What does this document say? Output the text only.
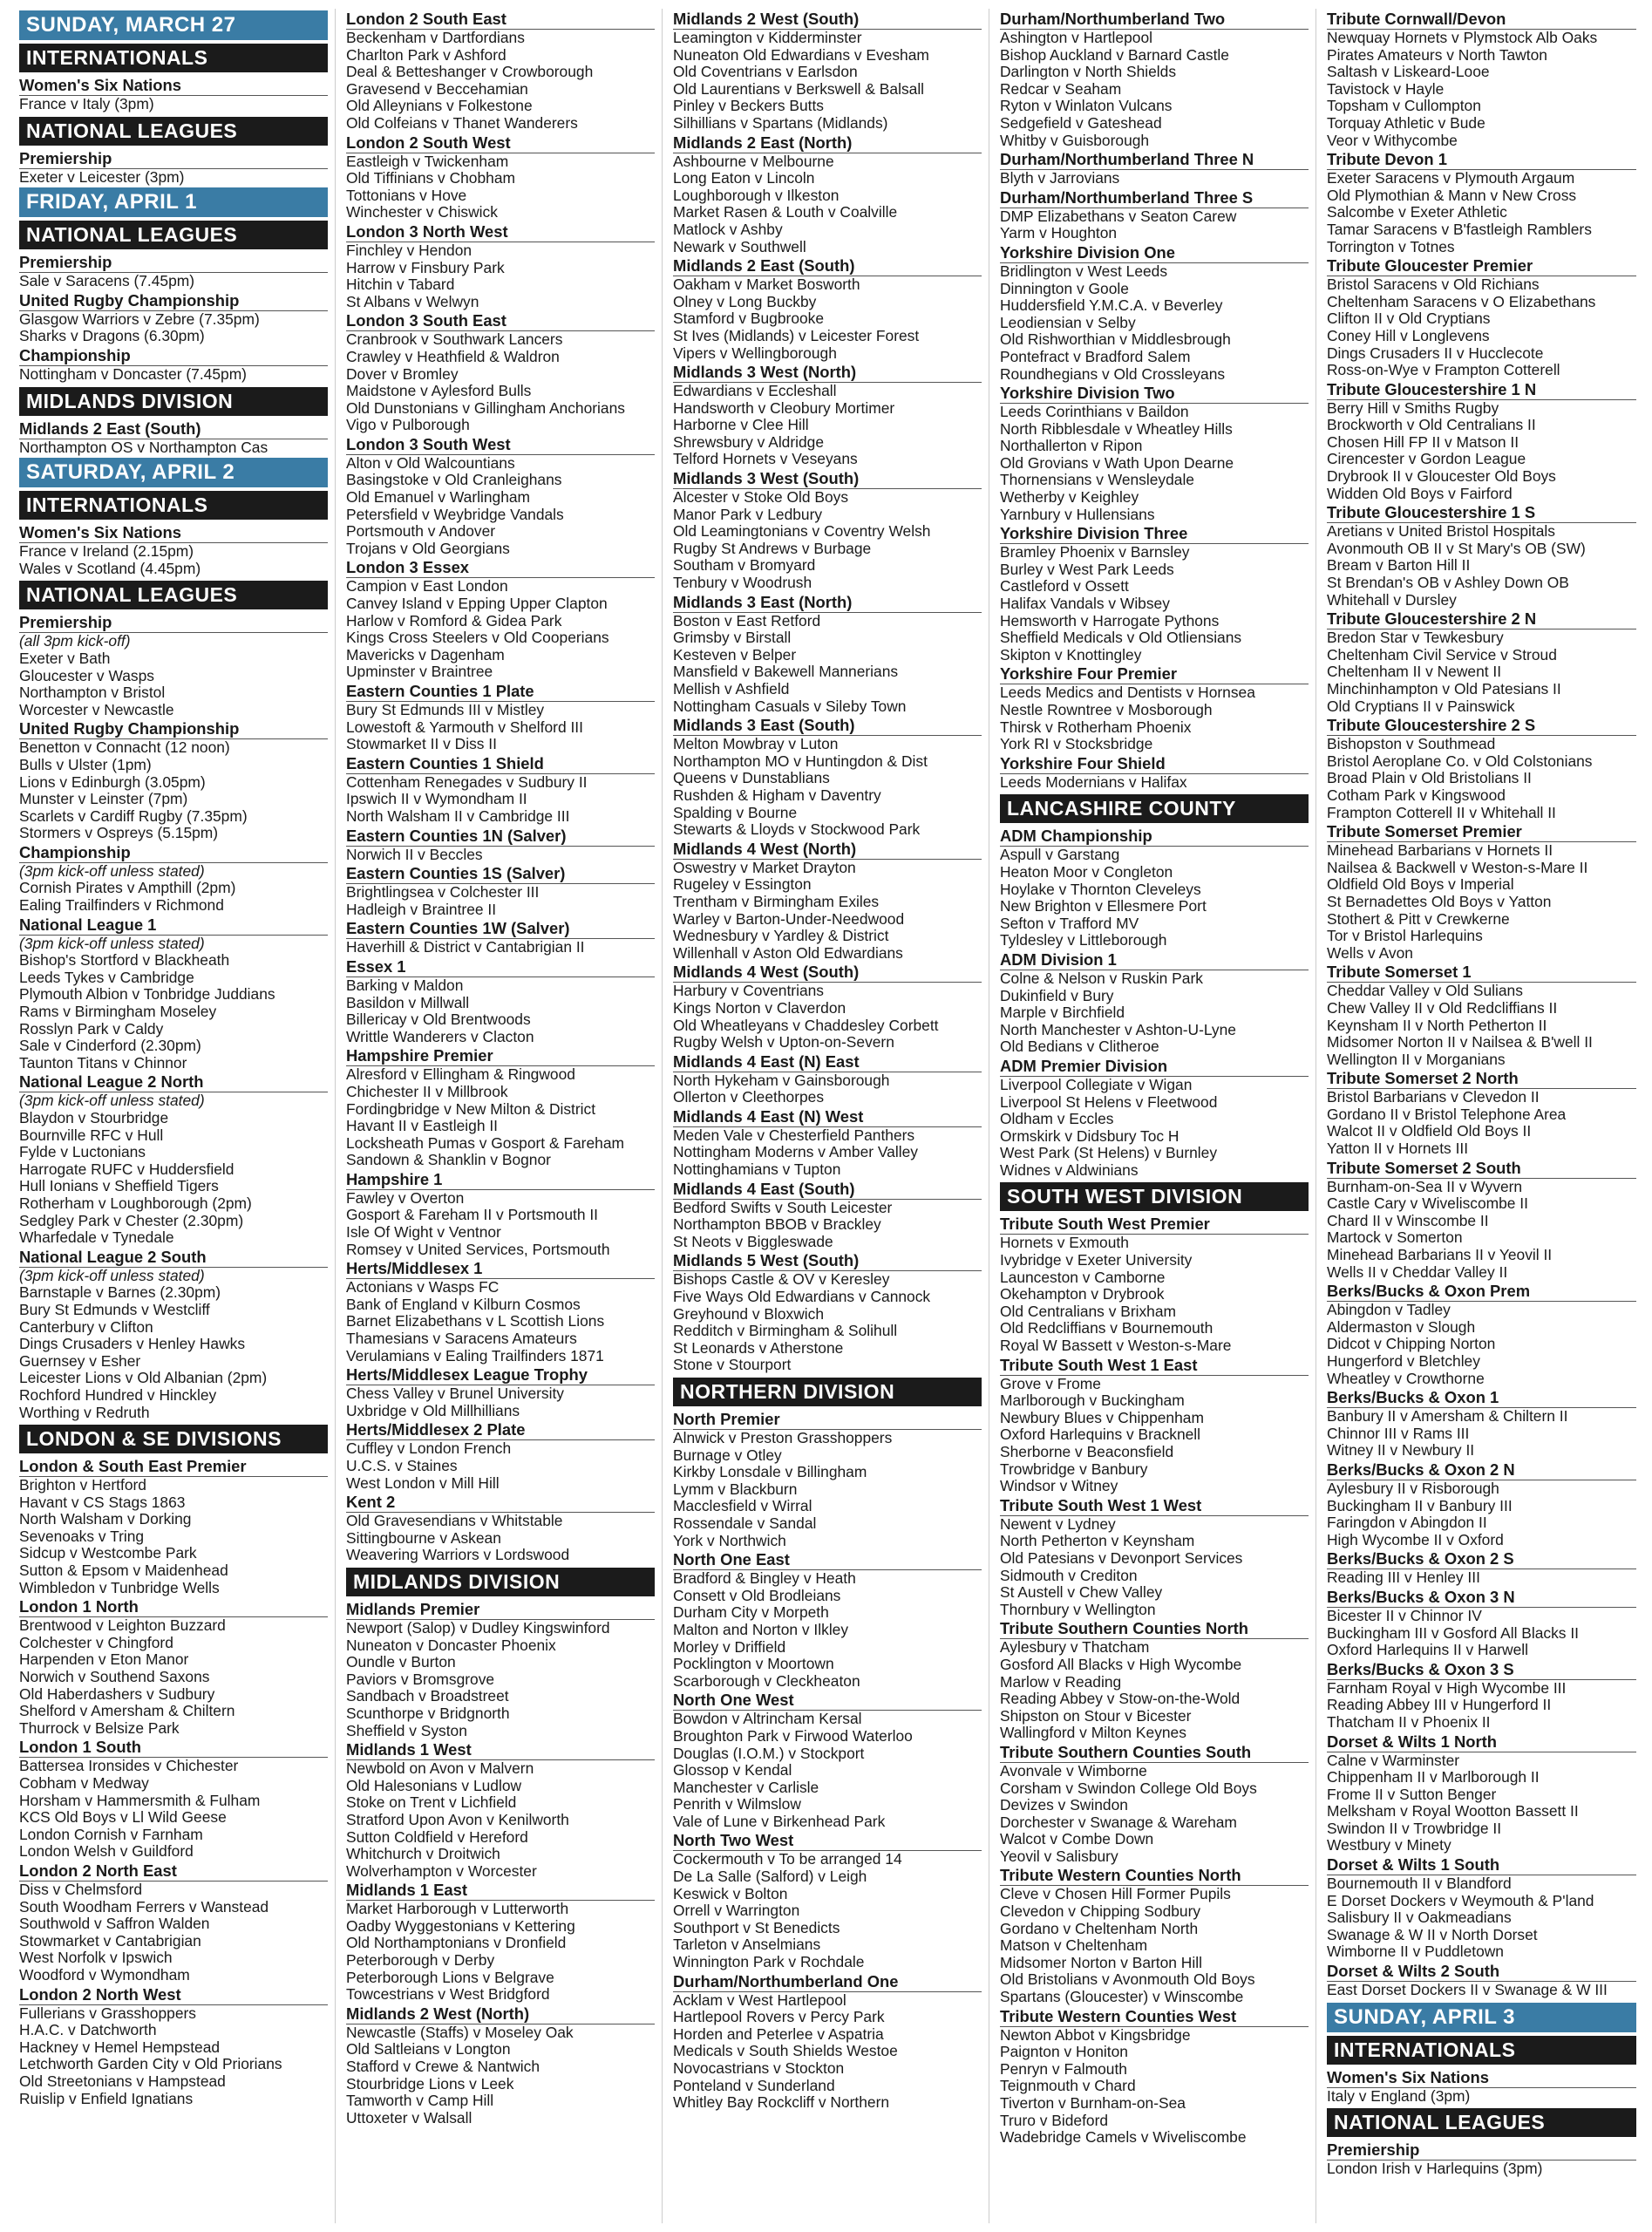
SUNDAY, MARCH 27
INTERNATIONALS
Women's Six Nations
France v Italy (3pm)
NATIONAL LEAGUES
Premiership
Exeter v Leicester (3pm)
FRIDAY, APRIL 1
NATIONAL LEAGUES
Premiership
Sale v Saracens (7.45pm)
United Rugby Championship
Glasgow Warriors v Zebre (7.35pm)
Sharks v Dragons (6.30pm)
Championship
Nottingham v Doncaster (7.45pm)
MIDLANDS DIVISION
Midlands 2 East (South)
Northampton OS v Northampton Cas
SATURDAY, APRIL 2
INTERNATIONALS
Women's Six Nations
France v Ireland (2.15pm)
Wales v Scotland (4.45pm)
NATIONAL LEAGUES
Premiership
(all 3pm kick-off)
Exeter v Bath
Gloucester v Wasps
Northampton v Bristol
Worcester v Newcastle
United Rugby Championship
Benetton v Connacht (12 noon)
Bulls v Ulster (1pm)
Lions v Edinburgh (3.05pm)
Munster v Leinster (7pm)
Scarlets v Cardiff Rugby (7.35pm)
Stormers v Ospreys (5.15pm)
Championship
(3pm kick-off unless stated)
Cornish Pirates v Ampthill (2pm)
Ealing Trailfinders v Richmond
National League 1
(3pm kick-off unless stated)
Bishop's Stortford v Blackheath
Leeds Tykes v Cambridge
Plymouth Albion v Tonbridge Juddians
Rams v Birmingham Moseley
Rosslyn Park v Caldy
Sale v Cinderford (2.30pm)
Taunton Titans v Chinnor
National League 2 North
(3pm kick-off unless stated)
Blaydon v Stourbridge
Bournville RFC v Hull
Fylde v Luctonians
Harrogate RUFC v Huddersfield
Hull Ionians v Sheffield Tigers
Rotherham v Loughborough (2pm)
Sedgley Park v Chester (2.30pm)
Wharfedale v Tynedale
National League 2 South
(3pm kick-off unless stated)
Barnstaple v Barnes (2.30pm)
Bury St Edmunds v Westcliff
Canterbury v Clifton
Dings Crusaders v Henley Hawks
Guernsey v Esher
Leicester Lions v Old Albanian (2pm)
Rochford Hundred v Hinckley
Worthing v Redruth
LONDON & SE DIVISIONS
London & South East Premier
Brighton v Hertford
Havant v CS Stags 1863
North Walsham v Dorking
Sevenoaks v Tring
Sidcup v Westcombe Park
Sutton & Epsom v Maidenhead
Wimbledon v Tunbridge Wells
London 1 North
Brentwood v Leighton Buzzard
Colchester v Chingford
Harpenden v Eton Manor
Norwich v Southend Saxons
Old Haberdashers v Sudbury
Shelford v Amersham & Chiltern
Thurrock v Belsize Park
London 1 South
Battersea Ironsides v Chichester
Cobham v Medway
Horsham v Hammersmith & Fulham
KCS Old Boys v Ll Wild Geese
London Cornish v Farnham
London Welsh v Guildford
London 2 North East
Diss v Chelmsford
South Woodham Ferrers v Wanstead
Southwold v Saffron Walden
Stowmarket v Cantabrigian
West Norfolk v Ipswich
Woodford v Wymondham
London 2 North West
Fullerians v Grasshoppers
H.A.C. v Datchworth
Hackney v Hemel Hempstead
Letchworth Garden City v Old Priorians
Old Streetonians v Hampstead
Ruislip v Enfield Ignatians
London 2 South East
Beckenham v Dartfordians
Charlton Park v Ashford
Deal & Betteshanger v Crowborough
Gravesend v Beccehamian
Old Alleynians v Folkestone
Old Colfeians v Thanet Wanderers
London 2 South West
Eastleigh v Twickenham
Old Tiffinians v Chobham
Tottonians v Hove
Winchester v Chiswick
London 3 North West
Finchley v Hendon
Harrow v Finsbury Park
Hitchin v Tabard
St Albans v Welwyn
London 3 South East
Cranbrook v Southwark Lancers
Crawley v Heathfield & Waldron
Dover v Bromley
Maidstone v Aylesford Bulls
Old Dunstonians v Gillingham Anchorians
Vigo v Pulborough
London 3 South West
Alton v Old Walcountians
Basingstoke v Old Cranleighans
Old Emanuel v Warlingham
Petersfield v Weybridge Vandals
Portsmouth v Andover
Trojans v Old Georgians
London 3 Essex
Campion v East London
Canvey Island v Epping Upper Clapton
Harlow v Romford & Gidea Park
Kings Cross Steelers v Old Cooperians
Mavericks v Dagenham
Upminster v Braintree
Eastern Counties 1 Plate
Bury St Edmunds III v Mistley
Lowestoft & Yarmouth v Shelford III
Stowmarket II v Diss II
Eastern Counties 1 Shield
Cottenham Renegades v Sudbury II
Ipswich II v Wymondham II
North Walsham II v Cambridge III
Eastern Counties 1N (Salver)
Norwich II v Beccles
Eastern Counties 1S (Salver)
Brightlingsea v Colchester III
Hadleigh v Braintree II
Eastern Counties 1W (Salver)
Haverhill & District v Cantabrigian II
Essex 1
Barking v Maldon
Basildon v Millwall
Billericay v Old Brentwoods
Writtle Wanderers v Clacton
Hampshire Premier
Alresford v Ellingham & Ringwood
Chichester II v Millbrook
Fordingbridge v New Milton & District
Havant II v Eastleigh II
Locksheath Pumas v Gosport & Fareham
Sandown & Shanklin v Bognor
Hampshire 1
Fawley v Overton
Gosport & Fareham II v Portsmouth II
Isle Of Wight v Ventnor
Romsey v United Services, Portsmouth
Herts/Middlesex 1
Actonians v Wasps FC
Bank of England v Kilburn Cosmos
Barnet Elizabethans v L Scottish Lions
Thamesians v Saracens Amateurs
Verulamians v Ealing Trailfinders 1871
Herts/Middlesex League Trophy
Chess Valley v Brunel University
Uxbridge v Old Millhillians
Herts/Middlesex 2 Plate
Cuffley v London French
U.C.S. v Staines
West London v Mill Hill
Kent 2
Old Gravesendians v Whitstable
Sittingbourne v Askean
Weavering Warriors v Lordswood
MIDLANDS DIVISION
Midlands Premier
Newport (Salop) v Dudley Kingswinford
Nuneaton v Doncaster Phoenix
Oundle v Burton
Paviors v Bromsgrove
Sandbach v Broadstreet
Scunthorpe v Bridgnorth
Sheffield v Syston
Midlands 1 West
Newbold on Avon v Malvern
Old Halesonians v Ludlow
Stoke on Trent v Lichfield
Stratford Upon Avon v Kenilworth
Sutton Coldfield v Hereford
Whitchurch v Droitwich
Wolverhampton v Worcester
Midlands 1 East
Market Harborough v Lutterworth
Oadby Wyggestonians v Kettering
Old Northamptonians v Dronfield
Peterborough v Derby
Peterborough Lions v Belgrave
Towcestrians v West Bridgford
Midlands 2 West (North)
Newcastle (Staffs) v Moseley Oak
Old Saltleians v Longton
Stafford v Crewe & Nantwich
Stourbridge Lions v Leek
Tamworth v Camp Hill
Uttoxeter v Walsall
Midlands 2 West (South)
Leamington v Kidderminster
Nuneaton Old Edwardians v Evesham
Old Coventrians v Earlsdon
Old Laurentians v Berkswell & Balsall
Pinley v Beckers Butts
Silhillians v Spartans (Midlands)
Midlands 2 East (North)
Ashbourne v Melbourne
Long Eaton v Lincoln
Loughborough v Ilkeston
Market Rasen & Louth v Coalville
Matlock v Ashby
Newark v Southwell
Midlands 2 East (South)
Oakham v Market Bosworth
Olney v Long Buckby
Stamford v Bugbrooke
St Ives (Midlands) v Leicester Forest
Vipers v Wellingborough
Midlands 3 West (North)
Edwardians v Eccleshall
Handsworth v Cleobury Mortimer
Harborne v Clee Hill
Shrewsbury v Aldridge
Telford Hornets v Veseyans
Midlands 3 West (South)
Alcester v Stoke Old Boys
Manor Park v Ledbury
Old Leamingtonians v Coventry Welsh
Rugby St Andrews v Burbage
Southam v Bromyard
Tenbury v Woodrush
Midlands 3 East (North)
Boston v East Retford
Grimsby v Birstall
Kesteven v Belper
Mansfield v Bakewell Mannerians
Mellish v Ashfield
Nottingham Casuals v Sileby Town
Midlands 3 East (South)
Melton Mowbray v Luton
Northampton MO v Huntingdon & Dist
Queens v Dunstablians
Rushden & Higham v Daventry
Spalding v Bourne
Stewarts & Lloyds v Stockwood Park
Midlands 4 West (North)
Oswestry v Market Drayton
Rugeley v Essington
Trentham v Birmingham Exiles
Warley v Barton-Under-Needwood
Wednesbury v Yardley & District
Willenhall v Aston Old Edwardians
Midlands 4 West (South)
Harbury v Coventrians
Kings Norton v Claverdon
Old Wheatleyans v Chaddesley Corbett
Rugby Welsh v Upton-on-Severn
Midlands 4 East (N) East
North Hykeham v Gainsborough
Ollerton v Cleethorpes
Midlands 4 East (N) West
Meden Vale v Chesterfield Panthers
Nottingham Moderns v Amber Valley
Nottinghamians v Tupton
Midlands 4 East (South)
Bedford Swifts v South Leicester
Northampton BBOB v Brackley
St Neots v Biggleswade
Midlands 5 West (South)
Bishops Castle & OV v Keresley
Five Ways Old Edwardians v Cannock
Greyhound v Bloxwich
Redditch v Birmingham & Solihull
St Leonards v Atherstone
Stone v Stourport
NORTHERN DIVISION
North Premier
Alnwick v Preston Grasshoppers
Burnage v Otley
Kirkby Lonsdale v Billingham
Lymm v Blackburn
Macclesfield v Wirral
Rossendale v Sandal
York v Northwich
North One East
Bradford & Bingley v Heath
Consett v Old Brodleians
Durham City v Morpeth
Malton and Norton v Ilkley
Morley v Driffield
Pocklington v Moortown
Scarborough v Cleckheaton
North One West
Bowdon v Altrincham Kersal
Broughton Park v Firwood Waterloo
Douglas (I.O.M.) v Stockport
Glossop v Kendal
Manchester v Carlisle
Penrith v Wilmslow
Vale of Lune v Birkenhead Park
North Two West
Cockermouth v To be arranged 14
De La Salle (Salford) v Leigh
Keswick v Bolton
Orrell v Warrington
Southport v St Benedicts
Tarleton v Anselmians
Winnington Park v Rochdale
Durham/Northumberland One
Acklam v West Hartlepool
Hartlepool Rovers v Percy Park
Horden and Peterlee v Aspatria
Medicals v South Shields Westoe
Novocastrians v Stockton
Ponteland v Sunderland
Whitley Bay Rockcliff v Northern
Durham/Northumberland Two
Ashington v Hartlepool
Bishop Auckland v Barnard Castle
Darlington v North Shields
Redcar v Seaham
Ryton v Winlaton Vulcans
Sedgefield v Gateshead
Whitby v Guisborough
Durham/Northumberland Three N
Blyth v Jarrovians
Durham/Northumberland Three S
DMP Elizabethans v Seaton Carew
Yarm v Houghton
Yorkshire Division One
Bridlington v West Leeds
Dinnington v Goole
Huddersfield Y.M.C.A. v Beverley
Leodiensian v Selby
Old Rishworthian v Middlesbrough
Pontefract v Bradford Salem
Roundhegians v Old Crossleyans
Yorkshire Division Two
Leeds Corinthians v Baildon
North Ribblesdale v Wheatley Hills
Northallerton v Ripon
Old Grovians v Wath Upon Dearne
Thornensians v Wensleydale
Wetherby v Keighley
Yarnbury v Hullensians
Yorkshire Division Three
Bramley Phoenix v Barnsley
Burley v West Park Leeds
Castleford v Ossett
Halifax Vandals v Wibsey
Hemsworth v Harrogate Pythons
Sheffield Medicals v Old Otliensians
Skipton v Knottingley
Yorkshire Four Premier
Leeds Medics and Dentists v Hornsea
Nestle Rowntree v Mosborough
Thirsk v Rotherham Phoenix
York RI v Stocksbridge
Yorkshire Four Shield
Leeds Modernians v Halifax
LANCASHIRE COUNTY
ADM Championship
Aspull v Garstang
Heaton Moor v Congleton
Hoylake v Thornton Cleveleys
New Brighton v Ellesmere Port
Sefton v Trafford MV
Tyldesley v Littleborough
ADM Division 1
Colne & Nelson v Ruskin Park
Dukinfield v Bury
Marple v Birchfield
North Manchester v Ashton-U-Lyne
Old Bedians v Clitheroe
ADM Premier Division
Liverpool Collegiate v Wigan
Liverpool St Helens v Fleetwood
Oldham v Eccles
Ormskirk v Didsbury Toc H
West Park (St Helens) v Burnley
Widnes v Aldwinians
SOUTH WEST DIVISION
Tribute South West Premier
Hornets v Exmouth
Ivybridge v Exeter University
Launceston v Camborne
Okehampton v Drybrook
Old Centralians v Brixham
Old Redcliffians v Bournemouth
Royal W Bassett v Weston-s-Mare
Tribute South West 1 East
Grove v Frome
Marlborough v Buckingham
Newbury Blues v Chippenham
Oxford Harlequins v Bracknell
Sherborne v Beaconsfield
Trowbridge v Banbury
Windsor v Witney
Tribute South West 1 West
Newent v Lydney
North Petherton v Keynsham
Old Patesians v Devonport Services
Sidmouth v Crediton
St Austell v Chew Valley
Thornbury v Wellington
Tribute Southern Counties North
Aylesbury v Thatcham
Gosford All Blacks v High Wycombe
Marlow v Reading
Reading Abbey v Stow-on-the-Wold
Shipston on Stour v Bicester
Wallingford v Milton Keynes
Tribute Southern Counties South
Avonvale v Wimborne
Corsham v Swindon College Old Boys
Devizes v Swindon
Dorchester v Swanage & Wareham
Walcot v Combe Down
Yeovil v Salisbury
Tribute Western Counties North
Cleve v Chosen Hill Former Pupils
Clevedon v Chipping Sodbury
Gordano v Cheltenham North
Matson v Cheltenham
Midsomer Norton v Barton Hill
Old Bristolians v Avonmouth Old Boys
Spartans (Gloucester) v Winscombe
Tribute Western Counties West
Newton Abbot v Kingsbridge
Paignton v Honiton
Penryn v Falmouth
Teignmouth v Chard
Tiverton v Burnham-on-Sea
Truro v Bideford
Wadebridge Camels v Wiveliscombe
Tribute Cornwall/Devon
Newquay Hornets v Plymstock Alb Oaks
Pirates Amateurs v North Tawton
Saltash v Liskeard-Looe
Tavistock v Hayle
Topsham v Cullompton
Torquay Athletic v Bude
Veor v Withycombe
Tribute Devon 1
Exeter Saracens v Plymouth Argaum
Old Plymothian & Mann v New Cross
Salcombe v Exeter Athletic
Tamar Saracens v B'fastleigh Ramblers
Torrington v Totnes
Tribute Gloucester Premier
Bristol Saracens v Old Richians
Cheltenham Saracens v O Elizabethans
Clifton II v Old Cryptians
Coney Hill v Longlevens
Dings Crusaders II v Hucclecote
Ross-on-Wye v Frampton Cotterell
Tribute Gloucestershire 1 N
Berry Hill v Smiths Rugby
Brockworth v Old Centralians II
Chosen Hill FP II v Matson II
Cirencester v Gordon League
Drybrook II v Gloucester Old Boys
Widden Old Boys v Fairford
Tribute Gloucestershire 1 S
Aretians v United Bristol Hospitals
Avonmouth OB II v St Mary's OB (SW)
Bream v Barton Hill II
St Brendan's OB v Ashley Down OB
Whitehall v Dursley
Tribute Gloucestershire 2 N
Bredon Star v Tewkesbury
Cheltenham Civil Service v Stroud
Cheltenham II v Newent II
Minchinhampton v Old Patesians II
Old Cryptians II v Painswick
Tribute Gloucestershire 2 S
Bishopston v Southmead
Bristol Aeroplane Co. v Old Colstonians
Broad Plain v Old Bristolians II
Cotham Park v Kingswood
Frampton Cotterell II v Whitehall II
Tribute Somerset Premier
Minehead Barbarians v Hornets II
Nailsea & Backwell v Weston-s-Mare II
Oldfield Old Boys v Imperial
St Bernadettes Old Boys v Yatton
Stothert & Pitt v Crewkerne
Tor v Bristol Harlequins
Wells v Avon
Tribute Somerset 1
Cheddar Valley v Old Sulians
Chew Valley II v Old Redcliffians II
Keynsham II v North Petherton II
Midsomer Norton II v Nailsea & B'well II
Wellington II v Morganians
Tribute Somerset 2 North
Bristol Barbarians v Clevedon II
Gordano II v Bristol Telephone Area
Walcot II v Oldfield Old Boys II
Yatton II v Hornets III
Tribute Somerset 2 South
Burnham-on-Sea II v Wyvern
Castle Cary v Wiveliscombe II
Chard II v Winscombe II
Martock v Somerton
Minehead Barbarians II v Yeovil II
Wells II v Cheddar Valley II
Berks/Bucks & Oxon Prem
Abingdon v Tadley
Aldermaston v Slough
Didcot v Chipping Norton
Hungerford v Bletchley
Wheatley v Crowthorne
Berks/Bucks & Oxon 1
Banbury II v Amersham & Chiltern II
Chinnor III v Rams III
Witney II v Newbury II
Berks/Bucks & Oxon 2 N
Aylesbury II v Risborough
Buckingham II v Banbury III
Faringdon v Abingdon II
High Wycombe II v Oxford
Berks/Bucks & Oxon 2 S
Reading III v Henley III
Berks/Bucks & Oxon 3 N
Bicester II v Chinnor IV
Buckingham III v Gosford All Blacks II
Oxford Harlequins II v Harwell
Berks/Bucks & Oxon 3 S
Farnham Royal v High Wycombe III
Reading Abbey III v Hungerford II
Thatcham II v Phoenix II
Dorset & Wilts 1 North
Calne v Warminster
Chippenham II v Marlborough II
Frome II v Sutton Benger
Melksham v Royal Wootton Bassett II
Swindon II v Trowbridge II
Westbury v Minety
Dorset & Wilts 1 South
Bournemouth II v Blandford
E Dorset Dockers v Weymouth & P'land
Salisbury II v Oakmeadians
Swanage & W II v North Dorset
Wimborne II v Puddletown
Dorset & Wilts 2 South
East Dorset Dockers II v Swanage & W III
SUNDAY, APRIL 3
INTERNATIONALS
Women's Six Nations
Italy v England (3pm)
NATIONAL LEAGUES
Premiership
London Irish v Harlequins (3pm)
